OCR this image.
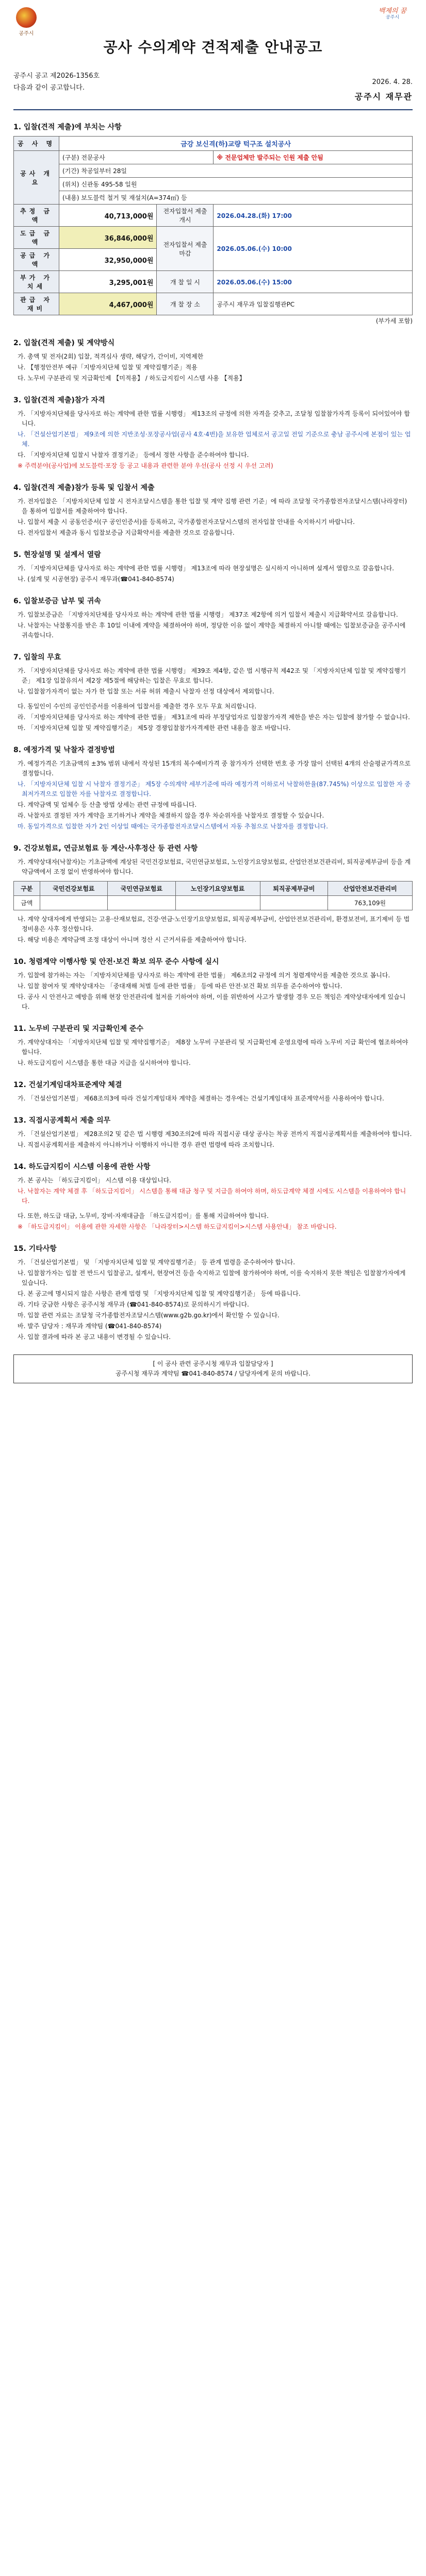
공주시
백제의 꿈
공주시
공사 수의계약 견적제출 안내공고
공주시 공고 제2026-1356호
다음과 같이 공고합니다.
2026. 4. 28.
공주시 재무관
1. 입찰(견적 제출)에 부치는 사항
공 사 명	금강 보신격(하)교량 턱구조 설치공사		
공사 개요	(구분) 전문공사		※ 전문업체만 발주되는 인원 제출 안됨
	(기간) 착공일부터 28일		
	(위치) 신관동 495-58 일원		
	(내용) 보도블럭 철거 및 재설치(A=374㎡) 등		
추정 금액	40,713,000원	전자입찰서 제출 개시	2026.04.28.(화) 17:00
도급 금액	36,846,000원	전자입찰서 제출 마감	2026.05.06.(수) 10:00
공급 가액	32,950,000원		
부가 가치세	3,295,001원	개 찰 일 시	2026.05.06.(수) 15:00
관급 자재비	4,467,000원	개 찰 장 소	공주시 재무과 입찰집행관PC

(부가세 포함)

2. 입찰(견적 제출) 및 계약방식

가. 총액 및 전자(2회) 입찰, 적격심사 생략, 해당가, 간이비, 지역제한

나. 【행정안전부 예규「지방자치단체 입찰 및 계약집행기준」적용

다. 노무비 구분관리 및 지급확인제 【미적용】 / 하도급지킴이 시스템 사용 【적용】

3. 입찰(견적 제출)참가 자격

가. 「지방자치단체를 당사자로 하는 계약에 관한 법률 시행령」 제13조의 규정에 의한 자격을 갖추고, 조달청 입찰참가자격 등록이 되어있어야 합니다.

나. 「건설산업기본법」 제9조에 의한 지반조성·포장공사업(공사 4호·4번)을 보유한 업체로서 공고일 전일 기준으로 충남 공주시에 본점이 있는 업체.

다. 「지방자치단체 입찰시 낙찰자 결정기준」 등에서 정한 사항을 준수하여야 합니다.

※ 주력분야(공사업)에 보도블럭·포장 등 공고 내용과 관련한 분야 우선(공사 선정 시 우선 고려)

4. 입찰(견적 제출)참가 등록 및 입찰서 제출

가. 전자입찰은 「지방자치단체 입찰 시 전자조달시스템을 통한 입찰 및 계약 집행 관련 기준」에 따라 조달청 국가종합전자조달시스템(나라장터)을 통하여 입찰서를 제출하여야 합니다.

나. 입찰서 제출 시 공동인증서(구 공인인증서)를 등록하고, 국가종합전자조달시스템의 전자입찰 안내를 숙지하시기 바랍니다.

다. 전자입찰서 제출과 동시 입찰보증금 지급확약서를 제출한 것으로 갈음합니다.

5. 현장설명 및 설계서 열람

가. 「지방자치단체를 당사자로 하는 계약에 관한 법률 시행령」 제13조에 따라 현장설명은 실시하지 아니하며 설계서 열람으로 갈음합니다.

나. (설계 및 시공현장) 공주시 재무과(☎041-840-8574)

6. 입찰보증금 납부 및 귀속

가. 입찰보증금은 「지방자치단체를 당사자로 하는 계약에 관한 법률 시행령」 제37조 제2항에 의거 입찰서 제출시 지급확약서로 갈음합니다.

나. 낙찰자는 낙찰통지를 받은 후 10일 이내에 계약을 체결하여야 하며, 정당한 이유 없이 계약을 체결하지 아니할 때에는 입찰보증금을 공주시에 귀속합니다.

7. 입찰의 무효

가. 「지방자치단체를 당사자로 하는 계약에 관한 법률 시행령」 제39조 제4항, 같은 법 시행규칙 제42조 및 「지방자치단체 입찰 및 계약집행기준」 제1장 입찰유의서 제2장 제5절에 해당하는 입찰은 무효로 합니다.

나. 입찰참가자격이 없는 자가 한 입찰 또는 서류 허위 제출시 낙찰자 선정 대상에서 제외합니다.

다. 동일인이 수인의 공인인증서를 이용하여 입찰서를 제출한 경우 모두 무효 처리합니다.

라. 「지방자치단체를 당사자로 하는 계약에 관한 법률」 제31조에 따라 부정당업자로 입찰참가자격 제한을 받은 자는 입찰에 참가할 수 없습니다.

마. 「지방자치단체 입찰 및 계약집행기준」 제5장 경쟁입찰참가자격제한 관련 내용을 참조 바랍니다.

8. 예정가격 및 낙찰자 결정방법

가. 예정가격은 기초금액의 ±3% 범위 내에서 작성된 15개의 복수예비가격 중 참가자가 선택한 번호 중 가장 많이 선택된 4개의 산술평균가격으로 결정합니다.

나. 「지방자치단체 입찰 시 낙찰자 결정기준」 제5장 수의계약 세부기준에 따라 예정가격 이하로서 낙찰하한율(87.745%) 이상으로 입찰한 자 중 최저가격으로 입찰한 자를 낙찰자로 결정합니다.

다. 계약금액 및 업체수 등 산출 방법 상세는 관련 규정에 따릅니다.

라. 낙찰자로 결정된 자가 계약을 포기하거나 계약을 체결하지 않을 경우 차순위자를 낙찰자로 결정할 수 있습니다.

마. 동일가격으로 입찰한 자가 2인 이상일 때에는 국가종합전자조달시스템에서 자동 추첨으로 낙찰자를 결정합니다.

9. 건강보험료, 연금보험료 등 계산·사후정산 등 관련 사항

가. 계약상대자(낙찰자)는 기초금액에 계상된 국민건강보험료, 국민연금보험료, 노인장기요양보험료, 산업안전보건관리비, 퇴직공제부금비 등을 계약금액에서 조정 없이 반영하여야 합니다.

구분	국민건강보험료	국민연금보험료	노인장기요양보험료	퇴직공제부금비	산업안전보건관리비
금액					763,109원

나. 계약 상대자에게 반영되는 고용·산재보험료, 건강·연금·노인장기요양보험료, 퇴직공제부금비, 산업안전보건관리비, 환경보전비, 표기제비 등 법정비용은 사후 정산합니다.

다. 해당 비용은 계약금액 조정 대상이 아니며 정산 시 근거서류를 제출하여야 합니다.

10. 청렴계약 이행사항 및 안전·보건 확보 의무 준수 사항에 실시

가. 입찰에 참가하는 자는 「지방자치단체를 당사자로 하는 계약에 관한 법률」 제6조의2 규정에 의거 청렴계약서를 제출한 것으로 봅니다.

나. 입찰 참여자 및 계약상대자는 「중대재해 처벌 등에 관한 법률」 등에 따른 안전·보건 확보 의무를 준수하여야 합니다.

다. 공사 시 안전사고 예방을 위해 현장 안전관리에 철저를 기하여야 하며, 이를 위반하여 사고가 발생할 경우 모든 책임은 계약상대자에게 있습니다.

11. 노무비 구분관리 및 지급확인제 준수

가. 계약상대자는 「지방자치단체 입찰 및 계약집행기준」 제8장 노무비 구분관리 및 지급확인제 운영요령에 따라 노무비 지급 확인에 협조하여야 합니다.

나. 하도급지킴이 시스템을 통한 대금 지급을 실시하여야 합니다.

12. 건설기계임대차표준계약 체결

가. 「건설산업기본법」 제68조의3에 따라 건설기계임대차 계약을 체결하는 경우에는 건설기계임대차 표준계약서를 사용하여야 합니다.

13. 직접시공계획서 제출 의무

가. 「건설산업기본법」 제28조의2 및 같은 법 시행령 제30조의2에 따라 직접시공 대상 공사는 착공 전까지 직접시공계획서를 제출하여야 합니다.

나. 직접시공계획서를 제출하지 아니하거나 이행하지 아니한 경우 관련 법령에 따라 조치합니다.

14. 하도급지킴이 시스템 이용에 관한 사항

가. 본 공사는 「하도급지킴이」 시스템 이용 대상입니다.

나. 낙찰자는 계약 체결 후 「하도급지킴이」 시스템을 통해 대금 청구 및 지급을 하여야 하며, 하도급계약 체결 시에도 시스템을 이용하여야 합니다.

다. 또한, 하도급 대금, 노무비, 장비·자재대금을 「하도급지킴이」를 통해 지급하여야 합니다.

※ 「하도급지킴이」 이용에 관한 자세한 사항은 「나라장터>시스템 하도급지킴이>시스템 사용안내」 참조 바랍니다.

15. 기타사항

가. 「건설산업기본법」 및 「지방자치단체 입찰 및 계약집행기준」 등 관계 법령을 준수하여야 합니다.

나. 입찰참가자는 입찰 전 반드시 입찰공고, 설계서, 현장여건 등을 숙지하고 입찰에 참가하여야 하며, 이를 숙지하지 못한 책임은 입찰참가자에게 있습니다.

다. 본 공고에 명시되지 않은 사항은 관계 법령 및 「지방자치단체 입찰 및 계약집행기준」 등에 따릅니다.

라. 기타 궁금한 사항은 공주시청 재무과 (☎041-840-8574)로 문의하시기 바랍니다.

마. 입찰 관련 자료는 조달청 국가종합전자조달시스템(www.g2b.go.kr)에서 확인할 수 있습니다.

바. 발주 담당자 : 재무과 계약팀 (☎041-840-8574)

사. 입찰 결과에 따라 본 공고 내용이 변경될 수 있습니다.

[ 이 공사 관련 공주시청 재무과 입찰담당자 ]
공주시청 재무과 계약팀 ☎041-840-8574 / 담당자에게 문의 바랍니다.
